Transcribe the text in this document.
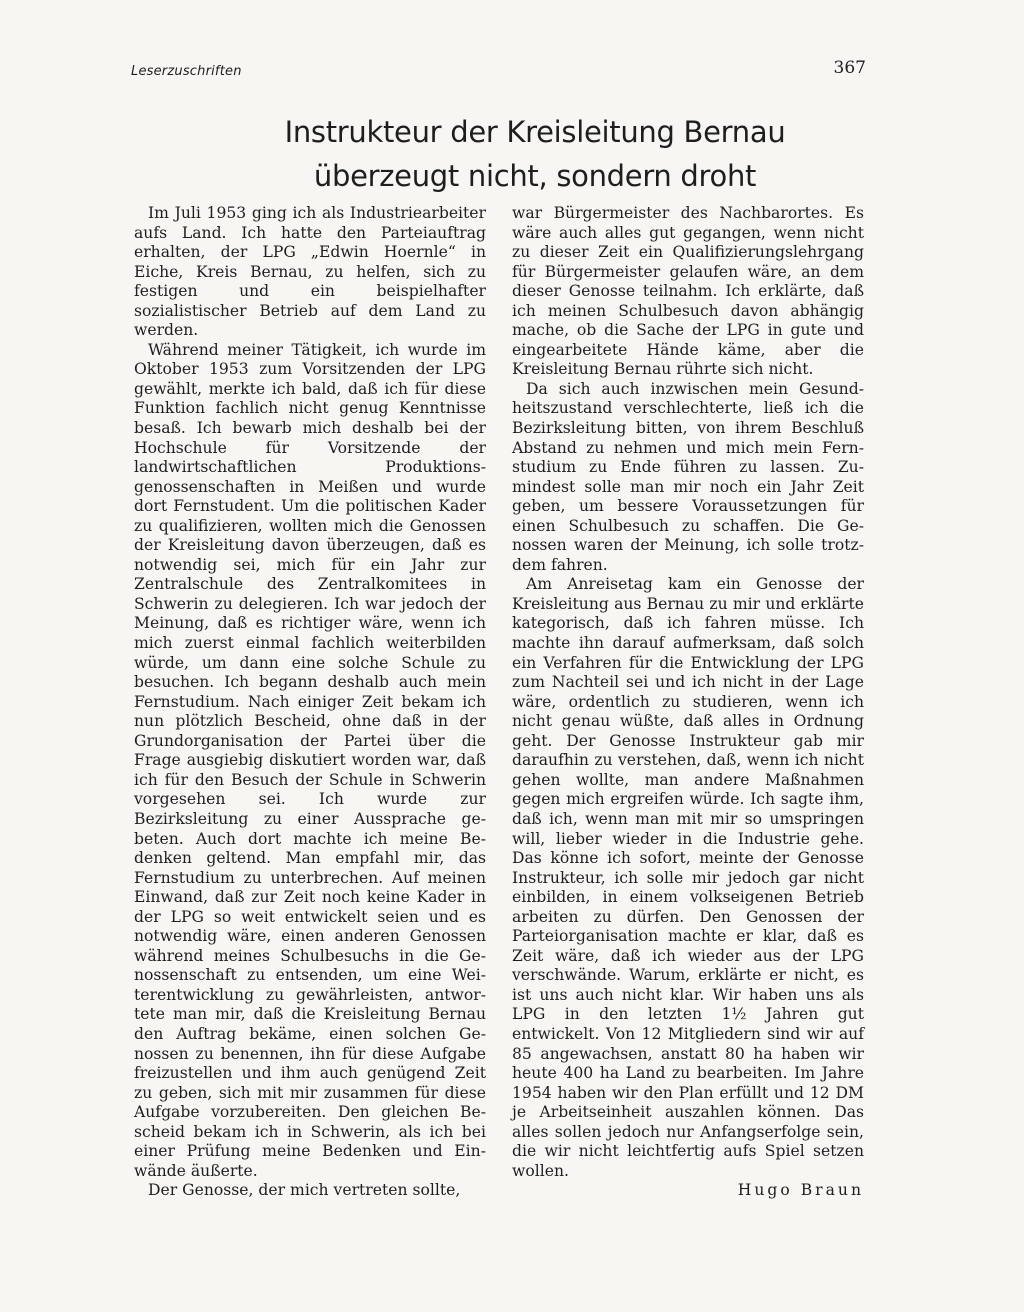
Leserzuschriften	367
Instrukteur der Kreisleitung Bernau
überzeugt nicht, sondern droht

Im Juli 1953 ging ich als Industriearbeiter aufs Land. Ich hatte den Parteiauftrag erhalten, der LPG „Edwin Hoernle“ in Eiche, Kreis Bernau, zu helfen, sich zu festigen und ein beispielhafter sozialistischer Betrieb auf dem Land zu werden.

Während meiner Tätigkeit, ich wurde im Oktober 1953 zum Vorsitzenden der LPG gewählt, merkte ich bald, daß ich für diese Funktion fachlich nicht genug Kenntnisse besaß. Ich bewarb mich deshalb bei der Hochschule für Vorsitzende der landwirtschaftlichen Produktionsgenossenschaften in Meißen und wurde dort Fernstudent. Um die politischen Kader zu qualifizieren, wollten mich die Genossen der Kreisleitung davon überzeugen, daß es notwendig sei, mich für ein Jahr zur Zentralschule des Zentralkomitees in Schwerin zu delegieren. Ich war jedoch der Meinung, daß es richtiger wäre, wenn ich mich zuerst einmal fachlich weiterbilden würde, um dann eine solche Schule zu besuchen. Ich begann deshalb auch mein Fernstudium. Nach einiger Zeit bekam ich nun plötzlich Bescheid, ohne daß in der Grundorganisation der Partei über die Frage ausgiebig diskutiert worden war, daß ich für den Besuch der Schule in Schwerin vorgesehen sei. Ich wurde zur Bezirksleitung zu einer Aussprache gebeten. Auch dort machte ich meine Bedenken geltend. Man empfahl mir, das Fernstudium zu unterbrechen. Auf meinen Einwand, daß zur Zeit noch keine Kader in der LPG so weit entwickelt seien und es notwendig wäre, einen anderen Genossen während meines Schulbesuchs in die Genossenschaft zu entsenden, um eine Weiterentwicklung zu gewährleisten, antwortete man mir, daß die Kreisleitung Bernau den Auftrag bekäme, einen solchen Genossen zu benennen, ihn für diese Aufgabe freizustellen und ihm auch genügend Zeit zu geben, sich mit mir zusammen für diese Aufgabe vorzubereiten. Den gleichen Bescheid bekam ich in Schwerin, als ich bei einer Prüfung meine Bedenken und Einwände äußerte.

Der Genosse, der mich vertreten sollte,

war Bürgermeister des Nachbarortes. Es wäre auch alles gut gegangen, wenn nicht zu dieser Zeit ein Qualifizierungslehrgang für Bürgermeister gelaufen wäre, an dem dieser Genosse teilnahm. Ich erklärte, daß ich meinen Schulbesuch davon abhängig mache, ob die Sache der LPG in gute und eingearbeitete Hände käme, aber die Kreisleitung Bernau rührte sich nicht.

Da sich auch inzwischen mein Gesundheitszustand verschlechterte, ließ ich die Bezirksleitung bitten, von ihrem Beschluß Abstand zu nehmen und mich mein Fernstudium zu Ende führen zu lassen. Zumindest solle man mir noch ein Jahr Zeit geben, um bessere Voraussetzungen für einen Schulbesuch zu schaffen. Die Genossen waren der Meinung, ich solle trotzdem fahren.

Am Anreisetag kam ein Genosse der Kreisleitung aus Bernau zu mir und erklärte kategorisch, daß ich fahren müsse. Ich machte ihn darauf aufmerksam, daß solch ein Verfahren für die Entwicklung der LPG zum Nachteil sei und ich nicht in der Lage wäre, ordentlich zu studieren, wenn ich nicht genau wüßte, daß alles in Ordnung geht. Der Genosse Instrukteur gab mir daraufhin zu verstehen, daß, wenn ich nicht gehen wollte, man andere Maßnahmen gegen mich ergreifen würde. Ich sagte ihm, daß ich, wenn man mit mir so umspringen will, lieber wieder in die Industrie gehe. Das könne ich sofort, meinte der Genosse Instrukteur, ich solle mir jedoch gar nicht einbilden, in einem volkseigenen Betrieb arbeiten zu dürfen. Den Genossen der Parteiorganisation machte er klar, daß es Zeit wäre, daß ich wieder aus der LPG verschwände. Warum, erklärte er nicht, es ist uns auch nicht klar. Wir haben uns als LPG in den letzten 1½ Jahren gut entwickelt. Von 12 Mitgliedern sind wir auf 85 angewachsen, anstatt 80 ha haben wir heute 400 ha Land zu bearbeiten. Im Jahre 1954 haben wir den Plan erfüllt und 12 DM je Arbeitseinheit auszahlen können. Das alles sollen jedoch nur Anfangserfolge sein, die wir nicht leichtfertig aufs Spiel setzen wollen.

Hugo Braun
